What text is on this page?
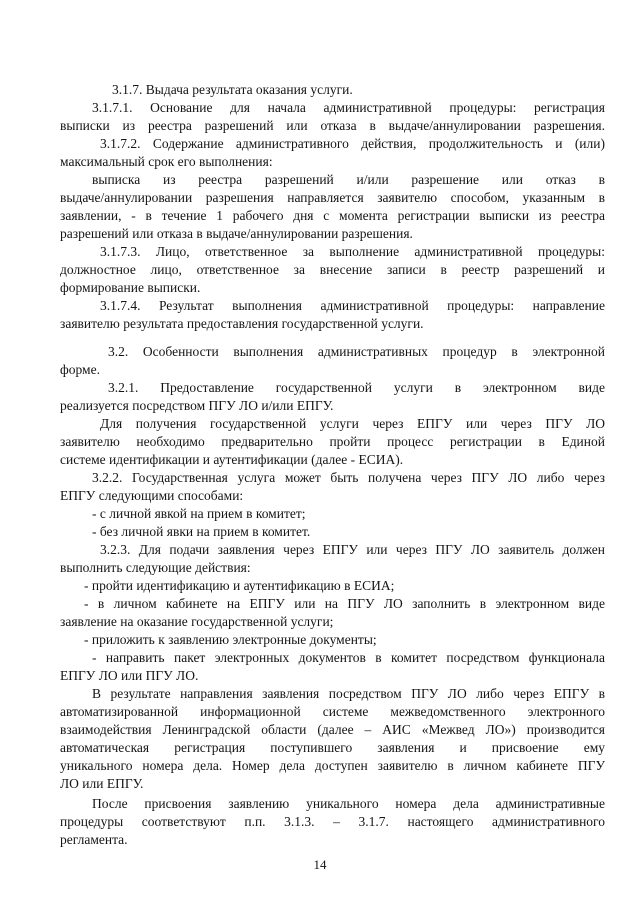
3.1.7. Выдача результата оказания услуги.
3.1.7.1. Основание для начала административной процедуры: регистрация
выписки из реестра разрешений или отказа в выдаче/аннулировании разрешения.
3.1.7.2. Содержание административного действия, продолжительность и (или)
максимальный срок его выполнения:
выписка из реестра разрешений и/или разрешение или отказ в
выдаче/аннулировании разрешения направляется заявителю способом, указанным в
заявлении, - в течение 1 рабочего дня с момента регистрации выписки из реестра
разрешений или отказа в выдаче/аннулировании разрешения.
3.1.7.3. Лицо, ответственное за выполнение административной процедуры:
должностное лицо, ответственное за внесение записи в реестр разрешений и
формирование выписки.
3.1.7.4. Результат выполнения административной процедуры: направление
заявителю результата предоставления государственной услуги.
3.2. Особенности выполнения административных процедур в электронной
форме.
3.2.1. Предоставление государственной услуги в электронном виде
реализуется посредством ПГУ ЛО и/или ЕПГУ.
Для получения государственной услуги через ЕПГУ или через ПГУ ЛО
заявителю необходимо предварительно пройти процесс регистрации в Единой
системе идентификации и аутентификации (далее - ЕСИА).
3.2.2. Государственная услуга может быть получена через ПГУ ЛО либо через
ЕПГУ следующими способами:
- с личной явкой на прием в комитет;
- без личной явки на прием в комитет.
3.2.3. Для подачи заявления через ЕПГУ или через ПГУ ЛО заявитель должен
выполнить следующие действия:
- пройти идентификацию и аутентификацию в ЕСИА;
- в личном кабинете на ЕПГУ или на ПГУ ЛО заполнить в электронном виде
заявление на оказание государственной услуги;
- приложить к заявлению электронные документы;
- направить пакет электронных документов в комитет посредством функционала
ЕПГУ ЛО или ПГУ ЛО.
В результате направления заявления посредством ПГУ ЛО либо через ЕПГУ в
автоматизированной информационной системе межведомственного электронного
взаимодействия Ленинградской области (далее – АИС «Межвед ЛО») производится
автоматическая регистрация поступившего заявления и присвоение ему
уникального номера дела. Номер дела доступен заявителю в личном кабинете ПГУ
ЛО или ЕПГУ.
После присвоения заявлению уникального номера дела административные
процедуры соответствуют п.п. 3.1.3. – 3.1.7. настоящего административного
регламента.
14
